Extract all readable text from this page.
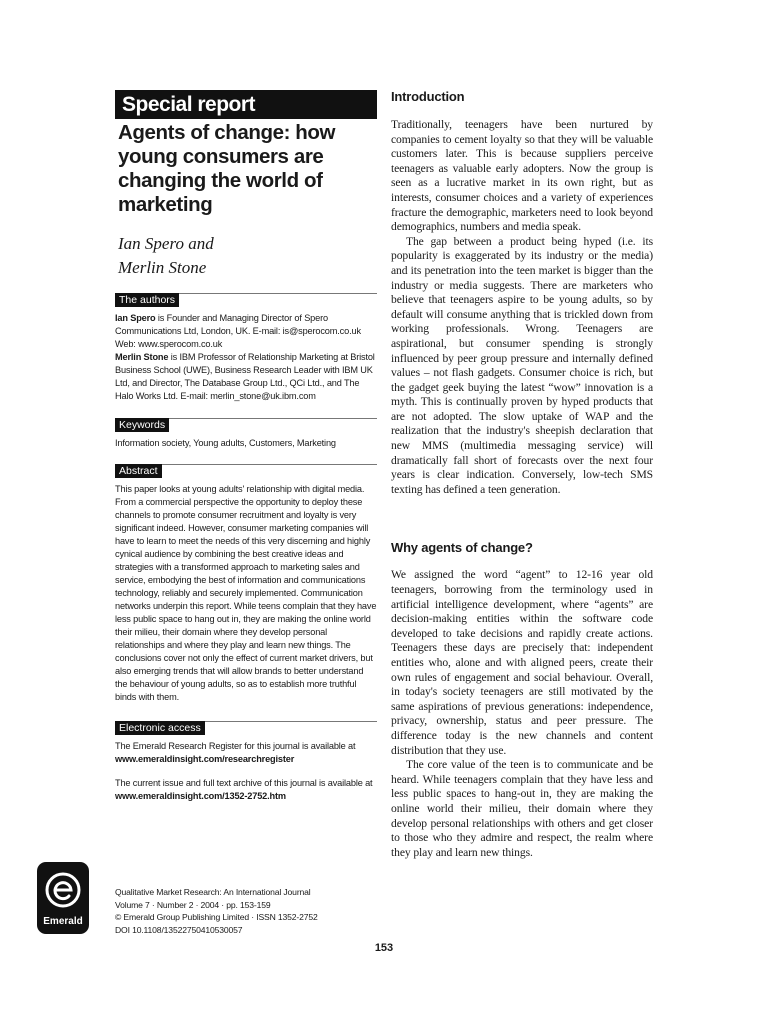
Special report
Agents of change: how young consumers are changing the world of marketing
Ian Spero and
Merlin Stone
The authors
Ian Spero is Founder and Managing Director of Spero Communications Ltd, London, UK. E-mail: is@sperocom.co.uk Web: www.sperocom.co.uk
Merlin Stone is IBM Professor of Relationship Marketing at Bristol Business School (UWE), Business Research Leader with IBM UK Ltd, and Director, The Database Group Ltd., QCi Ltd., and The Halo Works Ltd. E-mail: merlin_stone@uk.ibm.com
Keywords
Information society, Young adults, Customers, Marketing
Abstract
This paper looks at young adults' relationship with digital media. From a commercial perspective the opportunity to deploy these channels to promote consumer recruitment and loyalty is very significant indeed. However, consumer marketing companies will have to learn to meet the needs of this very discerning and highly cynical audience by combining the best creative ideas and strategies with a transformed approach to marketing sales and service, embodying the best of information and communications technology, reliably and securely implemented. Communication networks underpin this report. While teens complain that they have less public space to hang out in, they are making the online world their milieu, their domain where they develop personal relationships and where they play and learn new things. The conclusions cover not only the effect of current market drivers, but also emerging trends that will allow brands to better understand the behaviour of young adults, so as to establish more truthful binds with them.
Electronic access
The Emerald Research Register for this journal is available at
www.emeraldinsight.com/researchregister
The current issue and full text archive of this journal is available at
www.emeraldinsight.com/1352-2752.htm
Emerald
Qualitative Market Research: An International Journal
Volume 7 · Number 2 · 2004 · pp. 153-159
© Emerald Group Publishing Limited · ISSN 1352-2752
DOI 10.1108/13522750410530057
Introduction

Traditionally, teenagers have been nurtured by companies to cement loyalty so that they will be valuable customers later. This is because suppliers perceive teenagers as valuable early adopters. Now the group is seen as a lucrative market in its own right, but as interests, consumer choices and a variety of experiences fracture the demographic, marketers need to look beyond demographics, numbers and media speak.

The gap between a product being hyped (i.e. its popularity is exaggerated by its industry or the media) and its penetration into the teen market is bigger than the industry or media suggests. There are marketers who believe that teenagers aspire to be young adults, so by default will consume anything that is trickled down from working professionals. Wrong. Teenagers are aspirational, but consumer spending is strongly influenced by peer group pressure and internally defined values – not flash gadgets. Consumer choice is rich, but the gadget geek buying the latest “wow” innovation is a myth. This is continually proven by hyped products that are not adopted. The slow uptake of WAP and the realization that the industry's sheepish declaration that new MMS (multimedia messaging service) will dramatically fall short of forecasts over the next four years is clear indication. Conversely, low-tech SMS texting has defined a teen generation.

Why agents of change?

We assigned the word “agent” to 12-16 year old teenagers, borrowing from the terminology used in artificial intelligence development, where “agents” are decision-making entities within the software code developed to take decisions and rapidly create actions. Teenagers these days are precisely that: independent entities who, alone and with aligned peers, create their own rules of engagement and social behaviour. Overall, in today's society teenagers are still motivated by the same aspirations of previous generations: independence, privacy, ownership, status and peer pressure. The difference today is the new channels and content distribution that they use.

The core value of the teen is to communicate and be heard. While teenagers complain that they have less and less public spaces to hang-out in, they are making the online world their milieu, their domain where they develop personal relationships with others and get closer to those who they admire and respect, the realm where they play and learn new things.

153
